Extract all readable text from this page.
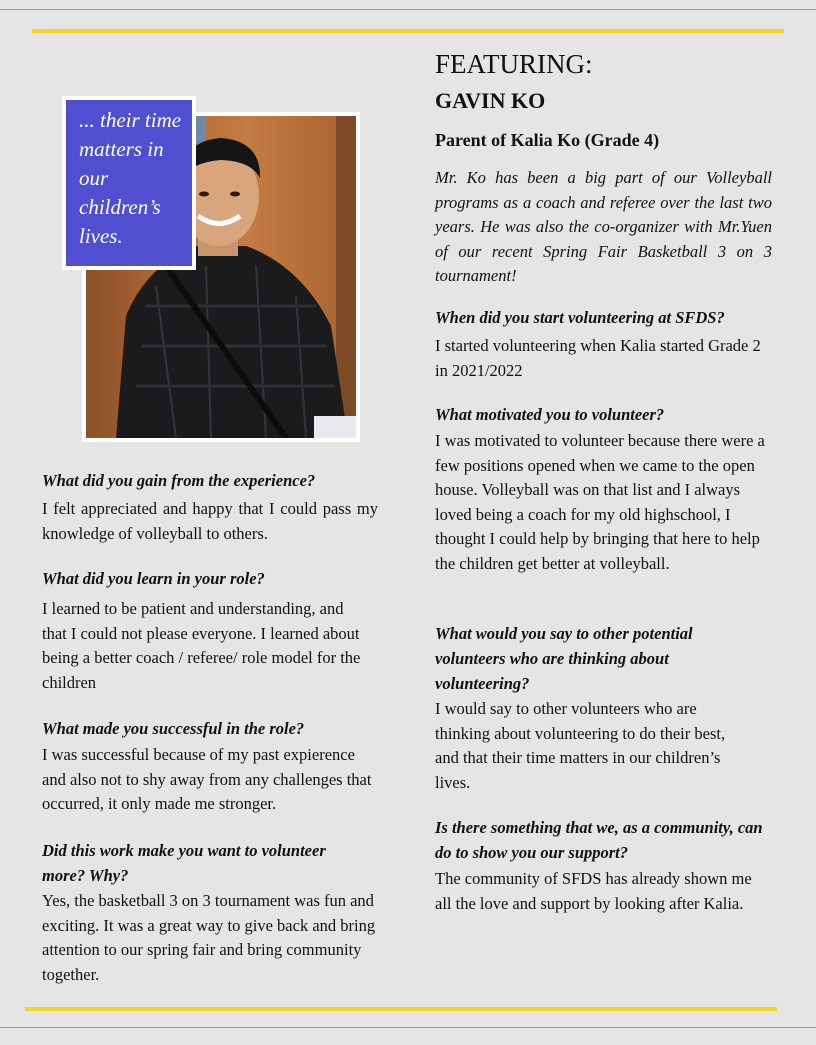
... their time matters in our children’s lives.
FEATURING:
GAVIN KO
Parent of Kalia Ko (Grade 4)
Mr. Ko has been a big part of our Volleyball programs as a coach and referee over the last two years. He was also the co-organizer with Mr.Yuen of our recent Spring Fair Basketball 3 on 3 tournament!
What did you gain from the experience?
I felt appreciated and happy that I could pass my knowledge of volleyball to others.
What did you learn in your role?
I learned to be patient and understanding, and that I could not please everyone. I learned about being a better coach / referee/ role model for the children
What made you successful in the role?
I was successful because of my past expierence and also not to shy away from any challenges that occurred, it only made me stronger.
Did this work make you want to volunteer more? Why?
Yes, the basketball 3 on 3 tournament was fun and exciting. It was a great way to give back and bring attention to our spring fair and bring community together.
When did you start volunteering at SFDS?
I started volunteering when Kalia started Grade 2 in 2021/2022
What motivated you to volunteer?
I was motivated to volunteer because there were a few positions opened when we came to the open house. Volleyball was on that list and I always loved being a coach for my old highschool, I thought I could help by bringing that here to help the children get better at volleyball.
What would you say to other potential volunteers who are thinking about volunteering?
I would say to other volunteers who are thinking about volunteering to do their best, and that their time matters in our children’s lives.
Is there something that we, as a community, can do to show you our support?
The community of SFDS has already shown me all the love and support by looking after Kalia.
